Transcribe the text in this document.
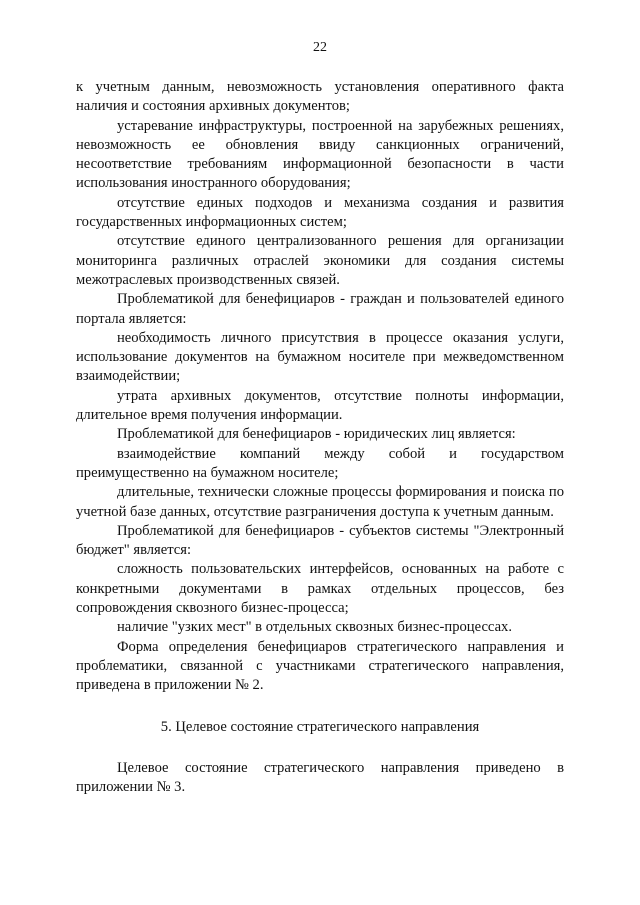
22

к учетным данным, невозможность установления оперативного факта наличия и состояния архивных документов;

устаревание инфраструктуры, построенной на зарубежных решениях, невозможность ее обновления ввиду санкционных ограничений, несоответствие требованиям информационной безопасности в части использования иностранного оборудования;

отсутствие единых подходов и механизма создания и развития государственных информационных систем;

отсутствие единого централизованного решения для организации мониторинга различных отраслей экономики для создания системы межотраслевых производственных связей.

Проблематикой для бенефициаров - граждан и пользователей единого портала является:

необходимость личного присутствия в процессе оказания услуги, использование документов на бумажном носителе при межведомственном взаимодействии;

утрата архивных документов, отсутствие полноты информации, длительное время получения информации.

Проблематикой для бенефициаров - юридических лиц является:

взаимодействие компаний между собой и государством преимущественно на бумажном носителе;

длительные, технически сложные процессы формирования и поиска по учетной базе данных, отсутствие разграничения доступа к учетным данным.

Проблематикой для бенефициаров - субъектов системы "Электронный бюджет" является:

сложность пользовательских интерфейсов, основанных на работе с конкретными документами в рамках отдельных процессов, без сопровождения сквозного бизнес-процесса;

наличие "узких мест" в отдельных сквозных бизнес-процессах.

Форма определения бенефициаров стратегического направления и проблематики, связанной с участниками стратегического направления, приведена в приложении № 2.

5. Целевое состояние стратегического направления

Целевое состояние стратегического направления приведено в приложении № 3.
